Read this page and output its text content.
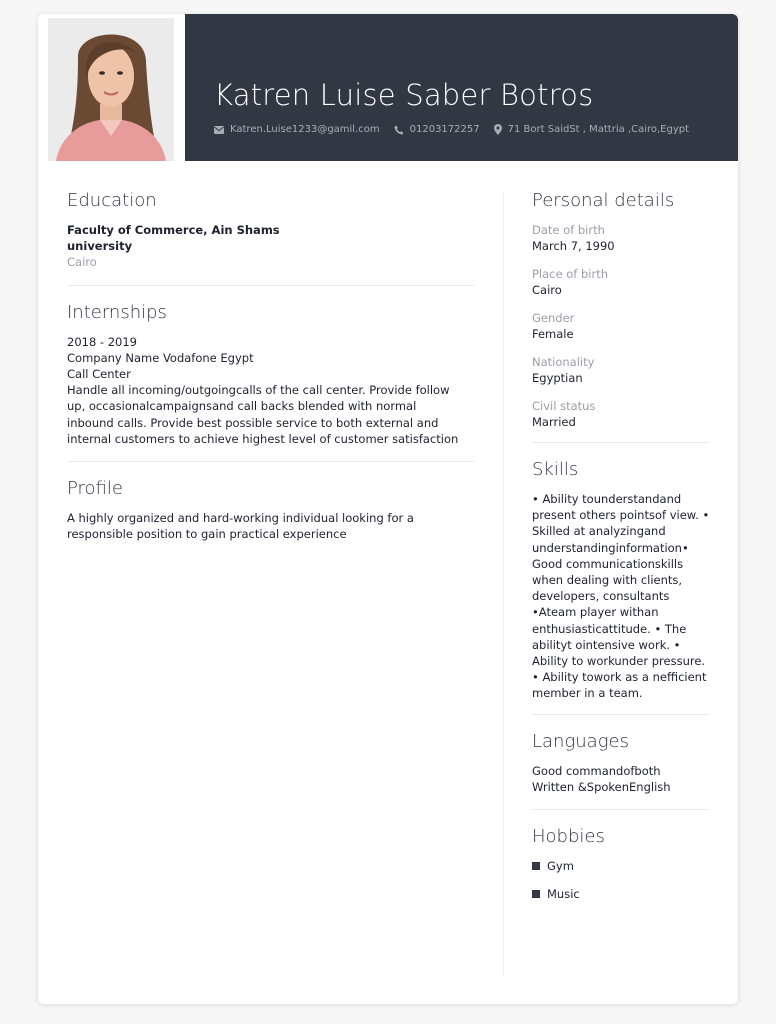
Katren Luise Saber Botros
Katren.Luise1233@gamil.com	01203172257	71 Bort SaidSt , Mattria ,Cairo,Egypt
Education
Faculty of Commerce, Ain Shams
university
Cairo
Internships
2018 - 2019
Company Name Vodafone Egypt
Call Center
Handle all incoming/outgoingcalls of the call center. Provide follow
up, occasionalcampaignsand call backs blended with normal
inbound calls. Provide best possible service to both external and
internal customers to achieve highest level of customer satisfaction
Profile
A highly organized and hard-working individual looking for a
responsible position to gain practical experience
Personal details
Date of birth
March 7, 1990
Place of birth
Cairo
Gender
Female
Nationality
Egyptian
Civil status
Married
Skills
• Ability tounderstandand
present others pointsof view. •
Skilled at analyzingand
understandinginformation•
Good communicationskills
when dealing with clients,
developers, consultants
•Ateam player withan
enthusiasticattitude. • The
abilityt ointensive work. •
Ability to workunder pressure.
• Ability towork as a nefficient
member in a team.
Languages
Good commandofboth
Written &SpokenEnglish
Hobbies
Gym
Music
